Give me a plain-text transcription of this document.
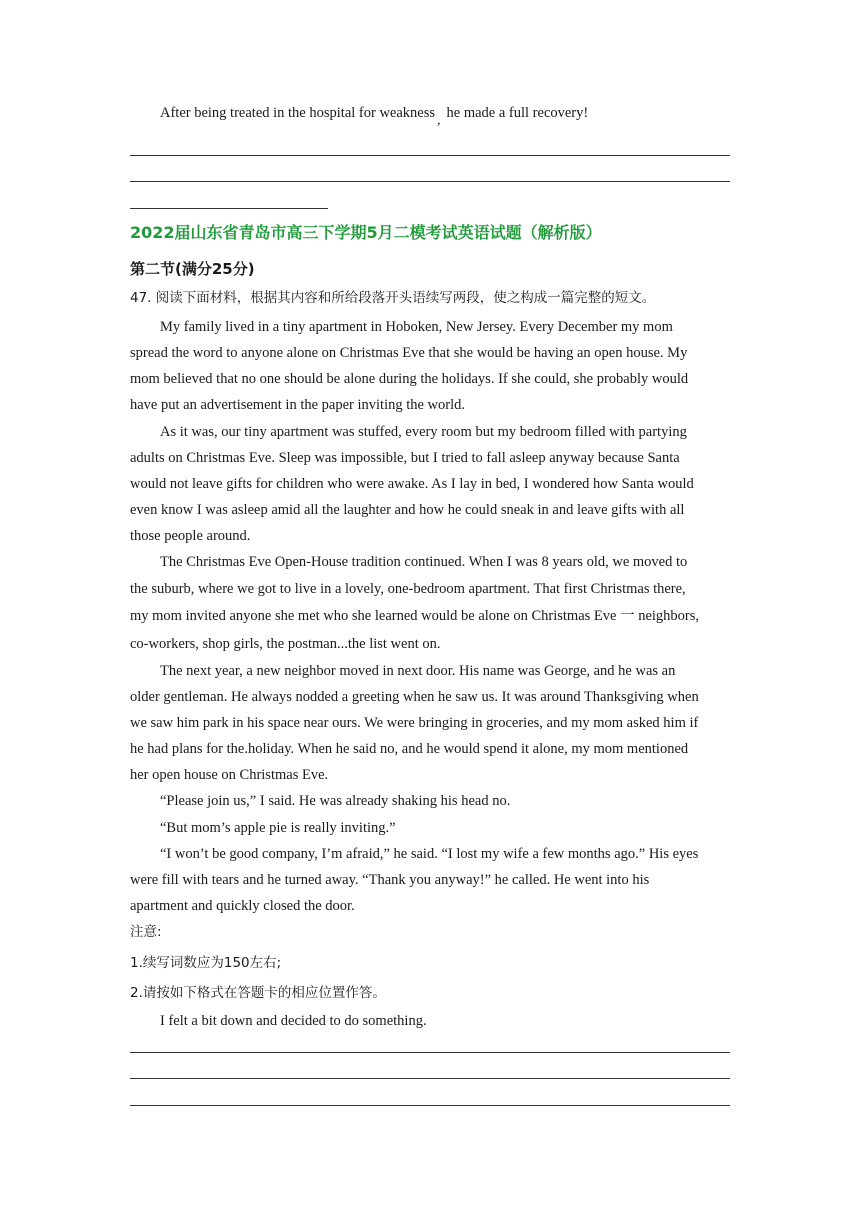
After being treated in the hospital for weakness , he made a full recovery!
2022届山东省青岛市高三下学期5月二模考试英语试题（解析版）
第二节(满分25分)
47. 阅读下面材料，根据其内容和所给段落开头语续写两段，使之构成一篇完整的短文。
My family lived in a tiny apartment in Hoboken, New Jersey. Every December my mom
spread the word to anyone alone on Christmas Eve that she would be having an open house. My
mom believed that no one should be alone during the holidays. If she could, she probably would
have put an advertisement in the paper inviting the world.
As it was, our tiny apartment was stuffed, every room but my bedroom filled with partying
adults on Christmas Eve. Sleep was impossible, but I tried to fall asleep anyway because Santa
would not leave gifts for children who were awake. As I lay in bed, I wondered how Santa would
even know I was asleep amid all the laughter and how he could sneak in and leave gifts with all
those people around.
The Christmas Eve Open-House tradition continued. When I was 8 years old, we moved to
the suburb, where we got to live in a lovely, one-bedroom apartment. That first Christmas there,
my mom invited anyone she met who she learned would be alone on Christmas Eve 一 neighbors,
co-workers, shop girls, the postman...the list went on.
The next year, a new neighbor moved in next door. His name was George, and he was an
older gentleman. He always nodded a greeting when he saw us. It was around Thanksgiving when
we saw him park in his space near ours. We were bringing in groceries, and my mom asked him if
he had plans for the.holiday. When he said no, and he would spend it alone, my mom mentioned
her open house on Christmas Eve.
“Please join us,” I said. He was already shaking his head no.
“But mom’s apple pie is really inviting.”
“I won’t be good company, I’m afraid,” he said. “I lost my wife a few months ago.” His eyes
were fill with tears and he turned away. “Thank you anyway!” he called. He went into his
apartment and quickly closed the door.
注意:
1.续写词数应为150左右;
2.请按如下格式在答题卡的相应位置作答。
I felt a bit down and decided to do something.
